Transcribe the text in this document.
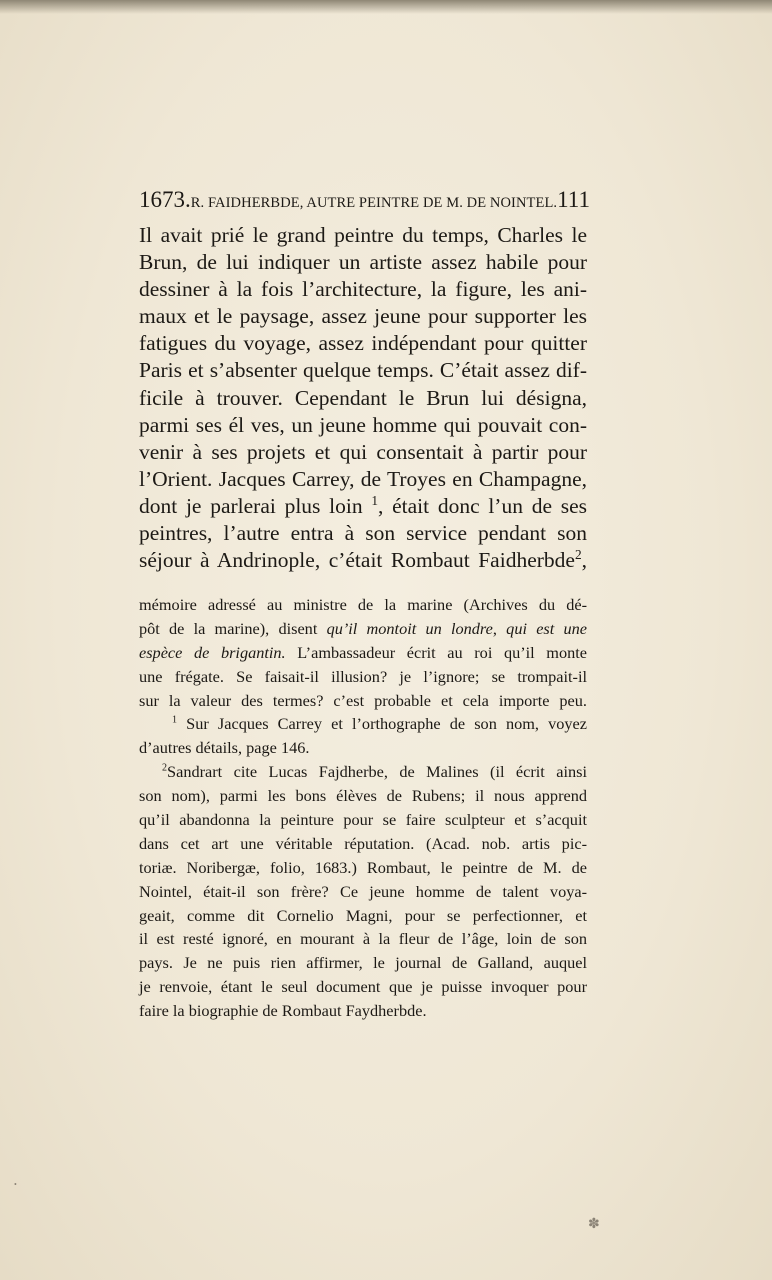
1673. R. FAIDHERBDE, AUTRE PEINTRE DE M. DE NOINTEL. 111
Il avait prié le grand peintre du temps, Charles le
Brun, de lui indiquer un artiste assez habile pour
dessiner à la fois l’architecture, la figure, les ani-
maux et le paysage, assez jeune pour supporter les
fatigues du voyage, assez indépendant pour quitter
Paris et s’absenter quelque temps. C’était assez dif-
ficile à trouver. Cependant le Brun lui désigna,
parmi ses él ves, un jeune homme qui pouvait con-
venir à ses projets et qui consentait à partir pour
l’Orient. Jacques Carrey, de Troyes en Champagne,
dont je parlerai plus loin $^1$, était donc l’un de ses
peintres, l’autre entra à son service pendant son
séjour à Andrinople, c’était Rombaut Faidherbde$^2$,
mémoire adressé au ministre de la marine (Archives du dé-
pôt de la marine), disent qu’il montoit un londre, qui est une
espèce de brigantin. L’ambassadeur écrit au roi qu’il monte
une frégate. Se faisait-il illusion? je l’ignore; se trompait-il
sur la valeur des termes? c’est probable et cela importe peu.
$^1$ Sur Jacques Carrey et l’orthographe de son nom, voyez
d’autres détails, page 146.
$^2$Sandrart cite Lucas Fajdherbe, de Malines (il écrit ainsi
son nom), parmi les bons élèves de Rubens; il nous apprend
qu’il abandonna la peinture pour se faire sculpteur et s’acquit
dans cet art une véritable réputation. (Acad. nob. artis pic-
toriæ. Noribergæ, folio, 1683.) Rombaut, le peintre de M. de
Nointel, était-il son frère? Ce jeune homme de talent voya-
geait, comme dit Cornelio Magni, pour se perfectionner, et
il est resté ignoré, en mourant à la fleur de l’âge, loin de son
pays. Je ne puis rien affirmer, le journal de Galland, auquel
je renvoie, étant le seul document que je puisse invoquer pour
faire la biographie de Rombaut Faydherbde.
✽
•
